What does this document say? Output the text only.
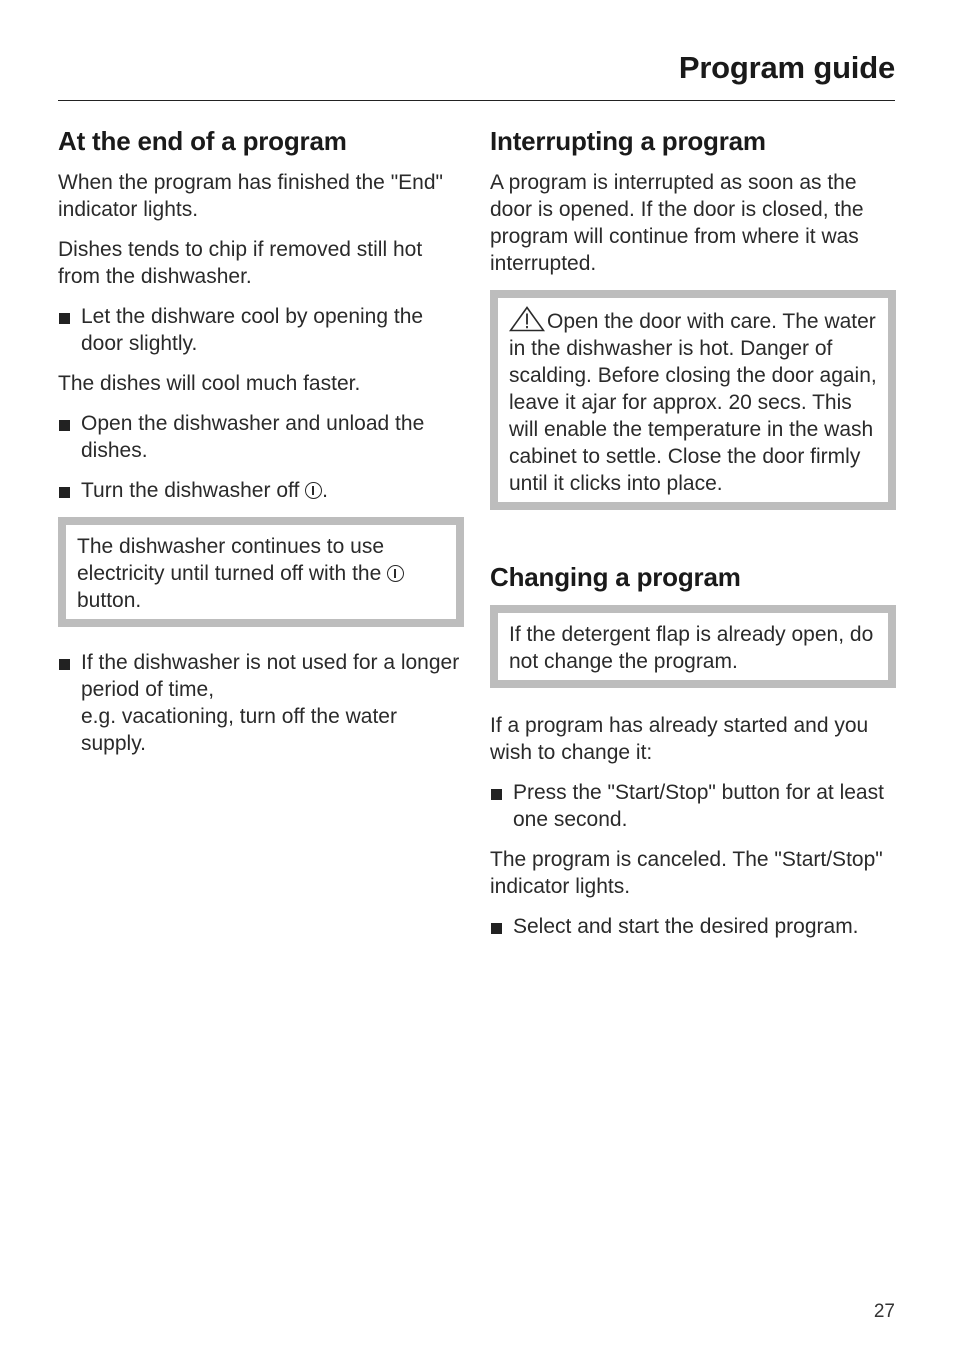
Program guide
At the end of a program

When the program has finished the "End" indicator lights.

Dishes tends to chip if removed still hot from the dishwasher.

Let the dishware cool by opening the door slightly.

The dishes will cool much faster.

Open the dishwasher and unload the dishes.
Turn the dishwasher off .

The dishwasher continues to use electricity until turned off with the  button.

If the dishwasher is not used for a longer period of time,
e.g. vacationing, turn off the water supply.
Interrupting a program

A program is interrupted as soon as the door is opened. If the door is closed, the program will continue from where it was interrupted.

Open the door with care. The water in the dishwasher is hot. Danger of scalding. Before closing the door again, leave it ajar for approx. 20 secs. This will enable the temperature in the wash cabinet to settle. Close the door firmly until it clicks into place.

Changing a program

If the detergent flap is already open, do not change the program.

If a program has already started and you wish to change it:

Press the "Start/Stop" button for at least one second.

The program is canceled. The "Start/Stop" indicator lights.

Select and start the desired program.
27
